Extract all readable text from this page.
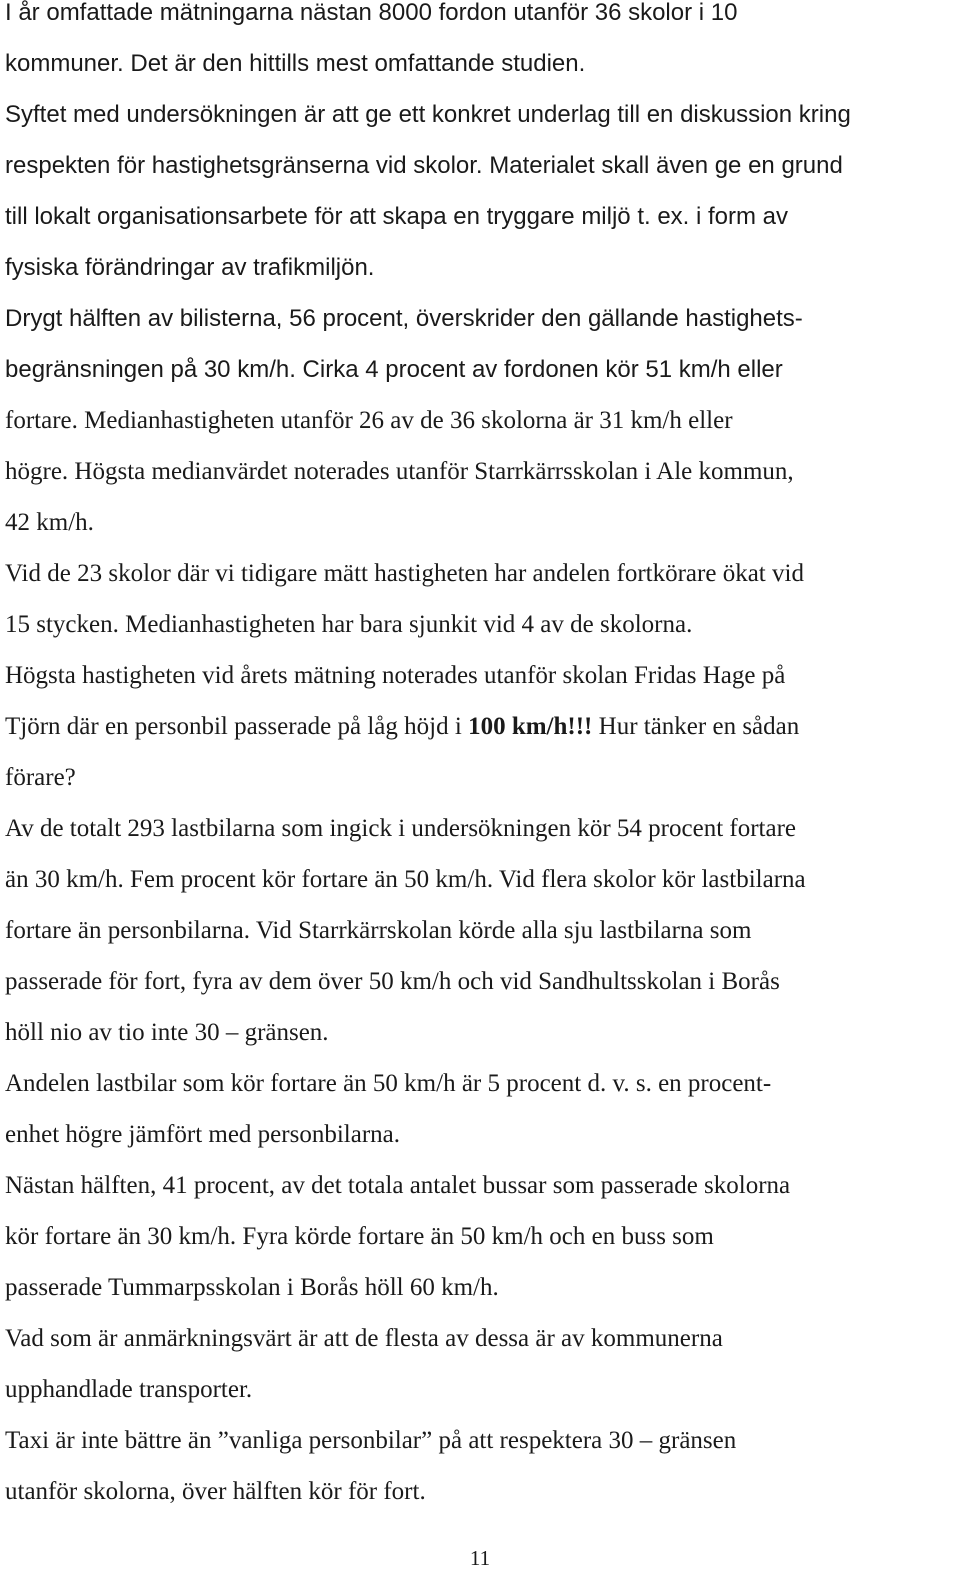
I år omfattade mätningarna nästan 8000 fordon utanför 36 skolor i 10
kommuner. Det är den hittills mest omfattande studien.
Syftet med undersökningen är att ge ett konkret underlag till en diskussion kring
respekten för hastighetsgränserna vid skolor. Materialet skall även ge en grund
till lokalt organisationsarbete för att skapa en tryggare miljö t. ex. i form av
fysiska förändringar av trafikmiljön.
Drygt hälften av bilisterna, 56 procent, överskrider den gällande hastighets-
begränsningen på 30 km/h. Cirka 4 procent av fordonen kör 51 km/h eller
fortare. Medianhastigheten utanför 26 av de 36 skolorna är 31 km/h eller
högre. Högsta medianvärdet noterades utanför Starrkärrsskolan i Ale kommun,
42 km/h.
Vid de 23 skolor där vi tidigare mätt hastigheten har andelen fortkörare ökat vid
15 stycken. Medianhastigheten har bara sjunkit vid 4 av de skolorna.
Högsta hastigheten vid årets mätning noterades utanför skolan Fridas Hage på
Tjörn där en personbil passerade på låg höjd i 100 km/h!!! Hur tänker en sådan
förare?
Av de totalt 293 lastbilarna som ingick i undersökningen kör 54 procent fortare
än 30 km/h. Fem procent kör fortare än 50 km/h. Vid flera skolor kör lastbilarna
fortare än personbilarna. Vid Starrkärrskolan körde alla sju lastbilarna som
passerade för fort, fyra av dem över 50 km/h och vid Sandhultsskolan i Borås
höll nio av tio inte 30 – gränsen.
Andelen lastbilar som kör fortare än 50 km/h är 5 procent d. v. s. en procent-
enhet högre jämfört med personbilarna.
Nästan hälften, 41 procent, av det totala antalet bussar som passerade skolorna
kör fortare än 30 km/h. Fyra körde fortare än 50 km/h och en buss som
passerade Tummarpsskolan i Borås höll 60 km/h.
Vad som är anmärkningsvärt är att de flesta av dessa är av kommunerna
upphandlade transporter.
Taxi är inte bättre än ”vanliga personbilar” på att respektera 30 – gränsen
utanför skolorna, över hälften kör för fort.
11
